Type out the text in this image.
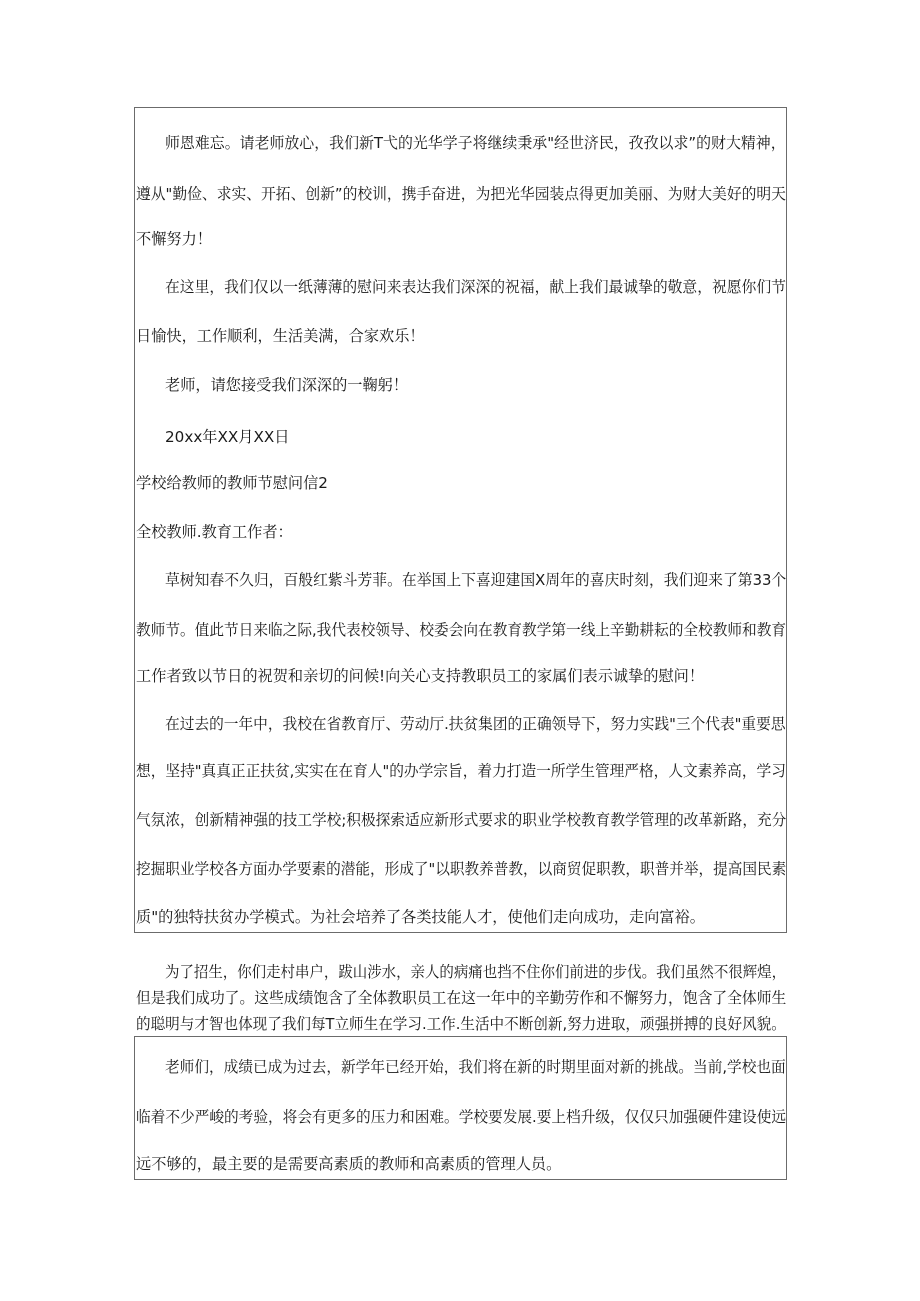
师恩难忘。请老师放心，我们新T弋的光华学子将继续秉承"经世济民，孜孜以求”的财大精神，
遵从"勤俭、求实、开拓、创新”的校训，携手奋进，为把光华园装点得更加美丽、为财大美好的明天
不懈努力！
在这里，我们仅以一纸薄薄的慰问来表达我们深深的祝福，献上我们最诚挚的敬意，祝愿你们节
日愉快，工作顺利，生活美满，合家欢乐！
老师，请您接受我们深深的一鞠躬！
20xx年XX月XX日
学校给教师的教师节慰问信2
全校教师.教育工作者：
草树知春不久归，百般红紫斗芳菲。在举国上下喜迎建国X周年的喜庆时刻，我们迎来了第33个
教师节。值此节日来临之际,我代表校领导、校委会向在教育教学第一线上辛勤耕耘的全校教师和教育
工作者致以节日的祝贺和亲切的问候!向关心支持教职员工的家属们表示诚挚的慰问！
在过去的一年中，我校在省教育厅、劳动厅.扶贫集团的正确领导下，努力实践"三个代表"重要思
想，坚持"真真正正扶贫,实实在在育人"的办学宗旨，着力打造一所学生管理严格，人文素养高，学习
气氛浓，创新精神强的技工学校;积极探索适应新形式要求的职业学校教育教学管理的改革新路，充分
挖掘职业学校各方面办学要素的潜能，形成了"以职教养普教，以商贸促职教，职普并举，提高国民素
质"的独特扶贫办学模式。为社会培养了各类技能人才，使他们走向成功，走向富裕。
为了招生，你们走村串户，跋山涉水，亲人的病痛也挡不住你们前进的步伐。我们虽然不很辉煌，
但是我们成功了。这些成绩饱含了全体教职员工在这一年中的辛勤劳作和不懈努力，饱含了全体师生
的聪明与才智也体现了我们每T立师生在学习.工作.生活中不断创新,努力进取，顽强拼搏的良好风貌。
老师们，成绩已成为过去，新学年已经开始，我们将在新的时期里面对新的挑战。当前,学校也面
临着不少严峻的考验，将会有更多的压力和困难。学校要发展.要上档升级，仅仅只加强硬件建设使远
远不够的，最主要的是需要高素质的教师和高素质的管理人员。
